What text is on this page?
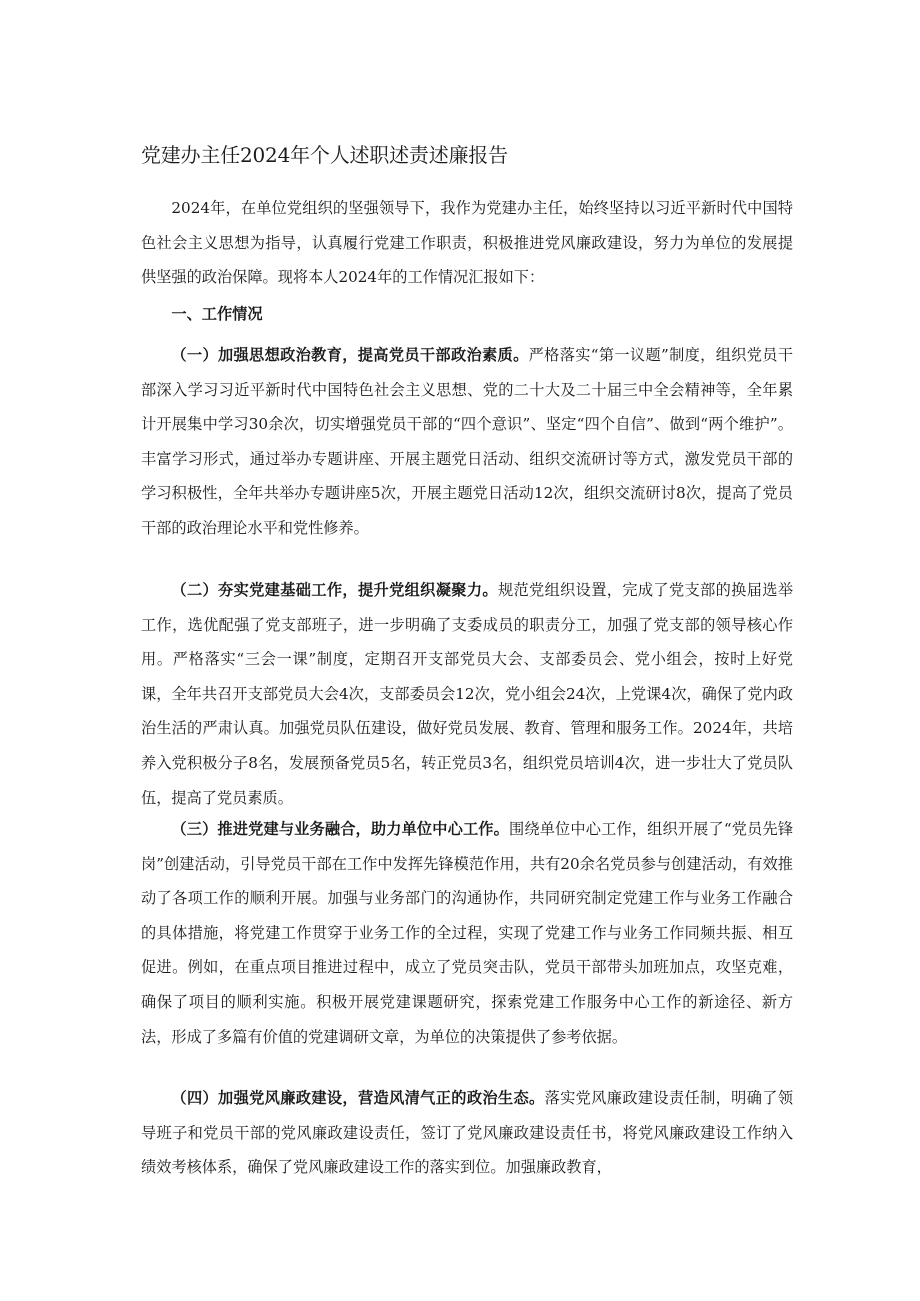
党建办主任2024年个人述职述责述廉报告

2024年，在单位党组织的坚强领导下，我作为党建办主任，始终坚持以习近平新时代中国特色社会主义思想为指导，认真履行党建工作职责，积极推进党风廉政建设，努力为单位的发展提供坚强的政治保障。现将本人2024年的工作情况汇报如下：

一、工作情况

（一）加强思想政治教育，提高党员干部政治素质。严格落实“第一议题”制度，组织党员干部深入学习习近平新时代中国特色社会主义思想、党的二十大及二十届三中全会精神等，全年累计开展集中学习30余次，切实增强党员干部的“四个意识”、坚定“四个自信”、做到“两个维护”。丰富学习形式，通过举办专题讲座、开展主题党日活动、组织交流研讨等方式，激发党员干部的学习积极性，全年共举办专题讲座5次，开展主题党日活动12次，组织交流研讨8次，提高了党员干部的政治理论水平和党性修养。

（二）夯实党建基础工作，提升党组织凝聚力。规范党组织设置，完成了党支部的换届选举工作，选优配强了党支部班子，进一步明确了支委成员的职责分工，加强了党支部的领导核心作用。严格落实“三会一课”制度，定期召开支部党员大会、支部委员会、党小组会，按时上好党课，全年共召开支部党员大会4次，支部委员会12次，党小组会24次，上党课4次，确保了党内政治生活的严肃认真。加强党员队伍建设，做好党员发展、教育、管理和服务工作。2024年，共培养入党积极分子8名，发展预备党员5名，转正党员3名，组织党员培训4次，进一步壮大了党员队伍，提高了党员素质。

（三）推进党建与业务融合，助力单位中心工作。围绕单位中心工作，组织开展了“党员先锋岗”创建活动，引导党员干部在工作中发挥先锋模范作用，共有20余名党员参与创建活动，有效推动了各项工作的顺利开展。加强与业务部门的沟通协作，共同研究制定党建工作与业务工作融合的具体措施，将党建工作贯穿于业务工作的全过程，实现了党建工作与业务工作同频共振、相互促进。例如，在重点项目推进过程中，成立了党员突击队，党员干部带头加班加点，攻坚克难，确保了项目的顺利实施。积极开展党建课题研究，探索党建工作服务中心工作的新途径、新方法，形成了多篇有价值的党建调研文章，为单位的决策提供了参考依据。

（四）加强党风廉政建设，营造风清气正的政治生态。落实党风廉政建设责任制，明确了领导班子和党员干部的党风廉政建设责任，签订了党风廉政建设责任书，将党风廉政建设工作纳入绩效考核体系，确保了党风廉政建设工作的落实到位。加强廉政教育，
